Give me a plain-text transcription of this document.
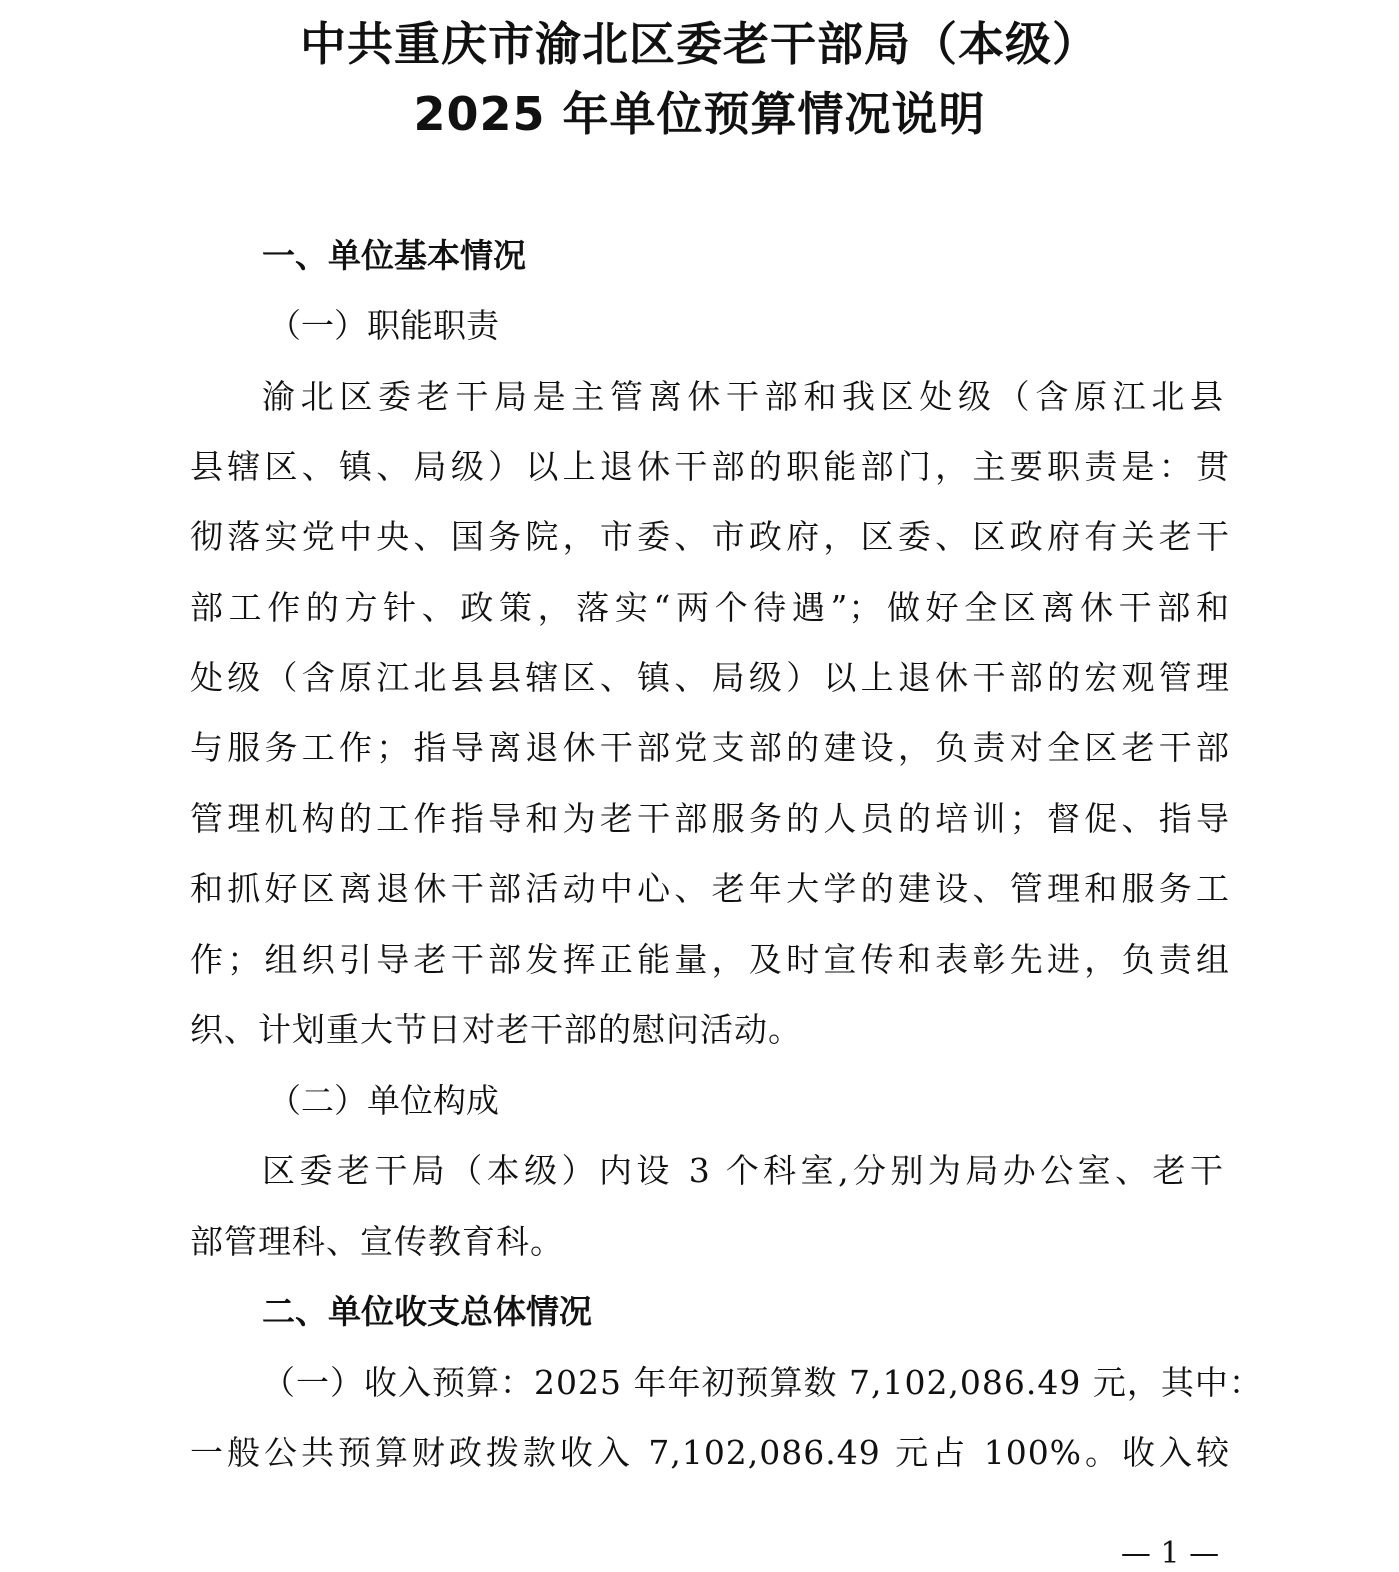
中共重庆市渝北区委老干部局（本级）
2025 年单位预算情况说明
一、单位基本情况
（一）职能职责
渝北区委老干局是主管离休干部和我区处级（含原江北县
县辖区、镇、局级）以上退休干部的职能部门，主要职责是：贯
彻落实党中央、国务院，市委、市政府，区委、区政府有关老干
部工作的方针、政策，落实“两个待遇”；做好全区离休干部和
处级（含原江北县县辖区、镇、局级）以上退休干部的宏观管理
与服务工作；指导离退休干部党支部的建设，负责对全区老干部
管理机构的工作指导和为老干部服务的人员的培训；督促、指导
和抓好区离退休干部活动中心、老年大学的建设、管理和服务工
作；组织引导老干部发挥正能量，及时宣传和表彰先进，负责组
织、计划重大节日对老干部的慰问活动。
（二）单位构成
区委老干局（本级）内设 3 个科室,分别为局办公室、老干
部管理科、宣传教育科。
二、单位收支总体情况
（一）收入预算：2025 年年初预算数 7,102,086.49 元，其中：
一般公共预算财政拨款收入 7,102,086.49 元占 100%。收入较
— 1 —
